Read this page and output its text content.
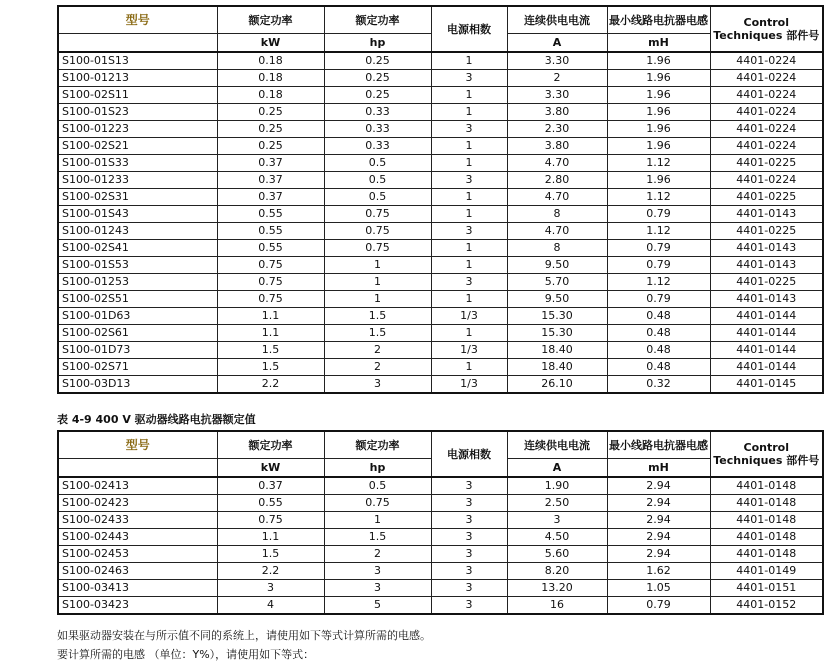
型号	额定功率	额定功率	电源相数	连续供电电流	最小线路电抗器电感	Control Techniques 部件号
	kW	hp		A	mH	
S100-01S13	0.18	0.25	1	3.30	1.96	4401-0224
S100-01213	0.18	0.25	3	2	1.96	4401-0224
S100-02S11	0.18	0.25	1	3.30	1.96	4401-0224
S100-01S23	0.25	0.33	1	3.80	1.96	4401-0224
S100-01223	0.25	0.33	3	2.30	1.96	4401-0224
S100-02S21	0.25	0.33	1	3.80	1.96	4401-0224
S100-01S33	0.37	0.5	1	4.70	1.12	4401-0225
S100-01233	0.37	0.5	3	2.80	1.96	4401-0224
S100-02S31	0.37	0.5	1	4.70	1.12	4401-0225
S100-01S43	0.55	0.75	1	8	0.79	4401-0143
S100-01243	0.55	0.75	3	4.70	1.12	4401-0225
S100-02S41	0.55	0.75	1	8	0.79	4401-0143
S100-01S53	0.75	1	1	9.50	0.79	4401-0143
S100-01253	0.75	1	3	5.70	1.12	4401-0225
S100-02S51	0.75	1	1	9.50	0.79	4401-0143
S100-01D63	1.1	1.5	1/3	15.30	0.48	4401-0144
S100-02S61	1.1	1.5	1	15.30	0.48	4401-0144
S100-01D73	1.5	2	1/3	18.40	0.48	4401-0144
S100-02S71	1.5	2	1	18.40	0.48	4401-0144
S100-03D13	2.2	3	1/3	26.10	0.32	4401-0145
表 4-9 400 V 驱动器线路电抗器额定值
型号	额定功率	额定功率	电源相数	连续供电电流	最小线路电抗器电感	Control Techniques 部件号
	kW	hp		A	mH	
S100-02413	0.37	0.5	3	1.90	2.94	4401-0148
S100-02423	0.55	0.75	3	2.50	2.94	4401-0148
S100-02433	0.75	1	3	3	2.94	4401-0148
S100-02443	1.1	1.5	3	4.50	2.94	4401-0148
S100-02453	1.5	2	3	5.60	2.94	4401-0148
S100-02463	2.2	3	3	8.20	1.62	4401-0149
S100-03413	3	3	3	13.20	1.05	4401-0151
S100-03423	4	5	3	16	0.79	4401-0152
如果驱动器安装在与所示值不同的系统上，请使用如下等式计算所需的电感。
要计算所需的电感 （单位：Y%），请使用如下等式：
